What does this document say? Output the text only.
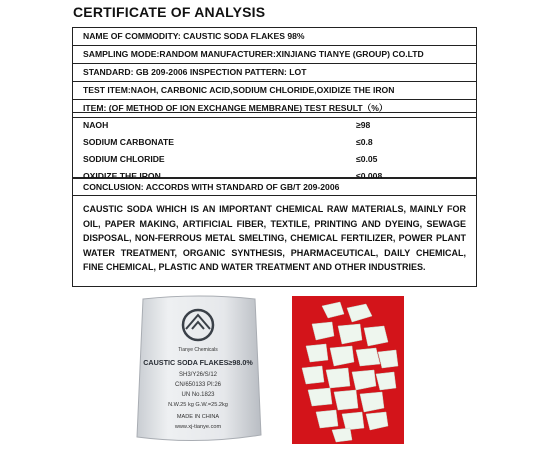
CERTIFICATE OF ANALYSIS
NAME OF COMMODITY: CAUSTIC SODA FLAKES 98%
SAMPLING MODE:RANDOM MANUFACTURER:XINJIANG TIANYE (GROUP) CO.LTD
STANDARD: GB 209-2006 INSPECTION PATTERN: LOT
TEST ITEM:NAOH, CARBONIC ACID,SODIUM CHLORIDE,OXIDIZE THE IRON
ITEM: (OF METHOD OF ION EXCHANGE MEMBRANE) TEST RESULT（%）
NAOH	≥98
SODIUM CARBONATE	≤0.8
SODIUM CHLORIDE	≤0.05
OXIDIZE THE IRON	≤0.008
CONCLUSION: ACCORDS WITH STANDARD OF GB/T 209-2006
CAUSTIC SODA WHICH IS AN IMPORTANT CHEMICAL RAW MATERIALS, MAINLY FOR OIL, PAPER MAKING, ARTIFICIAL FIBER, TEXTILE, PRINTING AND DYEING, SEWAGE DISPOSAL, NON-FERROUS METAL SMELTING, CHEMICAL FERTILIZER, POWER PLANT WATER TREATMENT, ORGANIC SYNTHESIS, PHARMACEUTICAL, DAILY CHEMICAL, FINE CHEMICAL, PLASTIC AND WATER TREATMENT AND OTHER INDUSTRIES.
Tianye Chemicals
CAUSTIC SODA FLAKES≥98.0%
SH3/Y26/S/12
CN/650133 PI:26
UN No.1823
N.W.25 kg G.W.=25.2kg
MADE IN CHINA
www.xj-tianye.com
